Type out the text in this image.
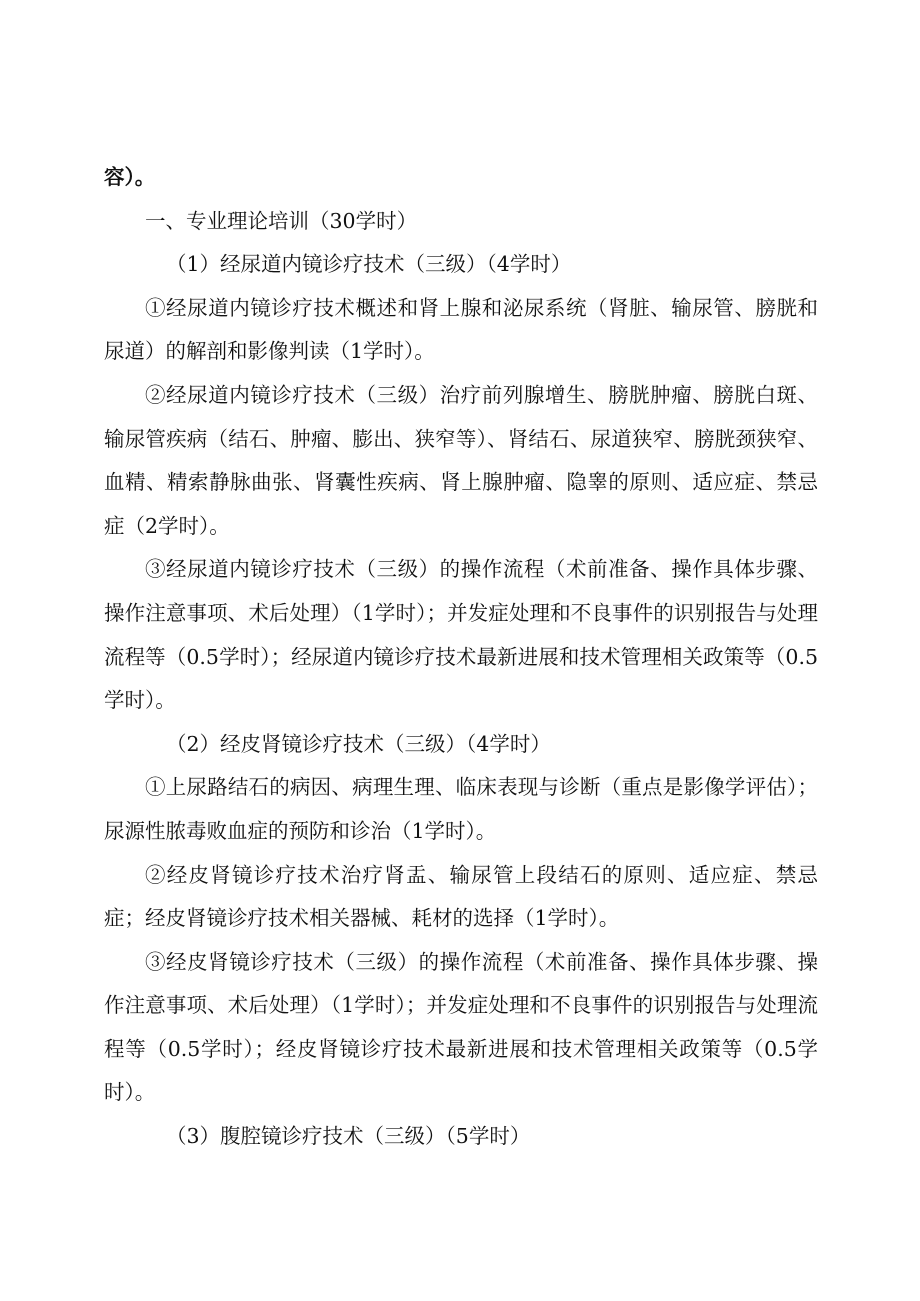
容）。

一、专业理论培训（30学时）

（1）经尿道内镜诊疗技术（三级）（4学时）

①经尿道内镜诊疗技术概述和肾上腺和泌尿系统（肾脏、输尿管、膀胱和尿道）的解剖和影像判读（1学时）。

②经尿道内镜诊疗技术（三级）治疗前列腺增生、膀胱肿瘤、膀胱白斑、输尿管疾病（结石、肿瘤、膨出、狭窄等）、肾结石、尿道狭窄、膀胱颈狭窄、血精、精索静脉曲张、肾囊性疾病、肾上腺肿瘤、隐睾的原则、适应症、禁忌症（2学时）。

③经尿道内镜诊疗技术（三级）的操作流程（术前准备、操作具体步骤、操作注意事项、术后处理）（1学时）；并发症处理和不良事件的识别报告与处理流程等（0.5学时）；经尿道内镜诊疗技术最新进展和技术管理相关政策等（0.5学时）。

（2）经皮肾镜诊疗技术（三级）（4学时）

①上尿路结石的病因、病理生理、临床表现与诊断（重点是影像学评估）；尿源性脓毒败血症的预防和诊治（1学时）。

②经皮肾镜诊疗技术治疗肾盂、输尿管上段结石的原则、适应症、禁忌症；经皮肾镜诊疗技术相关器械、耗材的选择（1学时）。

③经皮肾镜诊疗技术（三级）的操作流程（术前准备、操作具体步骤、操作注意事项、术后处理）（1学时）；并发症处理和不良事件的识别报告与处理流程等（0.5学时）；经皮肾镜诊疗技术最新进展和技术管理相关政策等（0.5学时）。

（3）腹腔镜诊疗技术（三级）（5学时）
